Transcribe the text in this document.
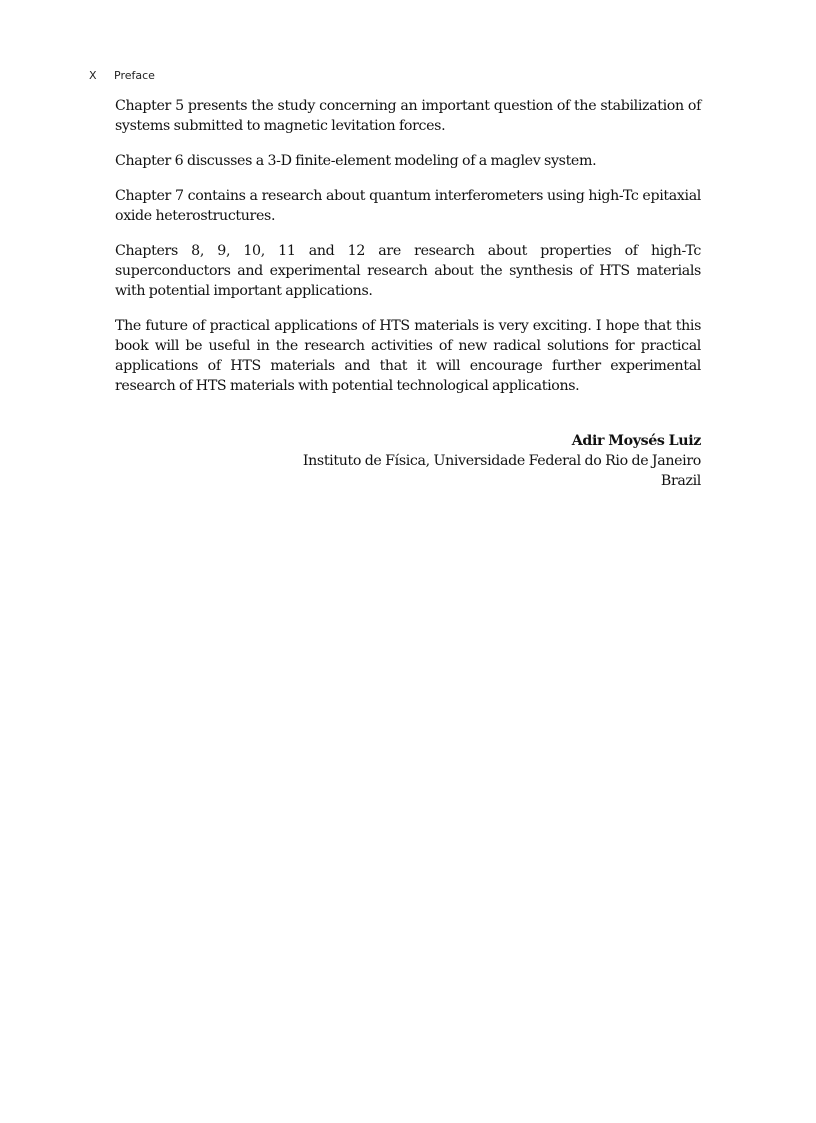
X	Preface

Chapter 5 presents the study concerning an important question of the stabilization of systems submitted to magnetic levitation forces.

Chapter 6 discusses a 3-D finite-element modeling of a maglev system.

Chapter 7 contains a research about quantum interferometers using high-Tc epitaxial oxide heterostructures.

Chapters 8, 9, 10, 11 and 12 are research about properties of high-Tc superconductors and experimental research about the synthesis of HTS materials with potential important applications.

The future of practical applications of HTS materials is very exciting. I hope that this book will be useful in the research activities of new radical solutions for practical applications of HTS materials and that it will encourage further experimental research of HTS materials with potential technological applications.

Adir Moysés Luiz
Instituto de Física, Universidade Federal do Rio de Janeiro
Brazil
